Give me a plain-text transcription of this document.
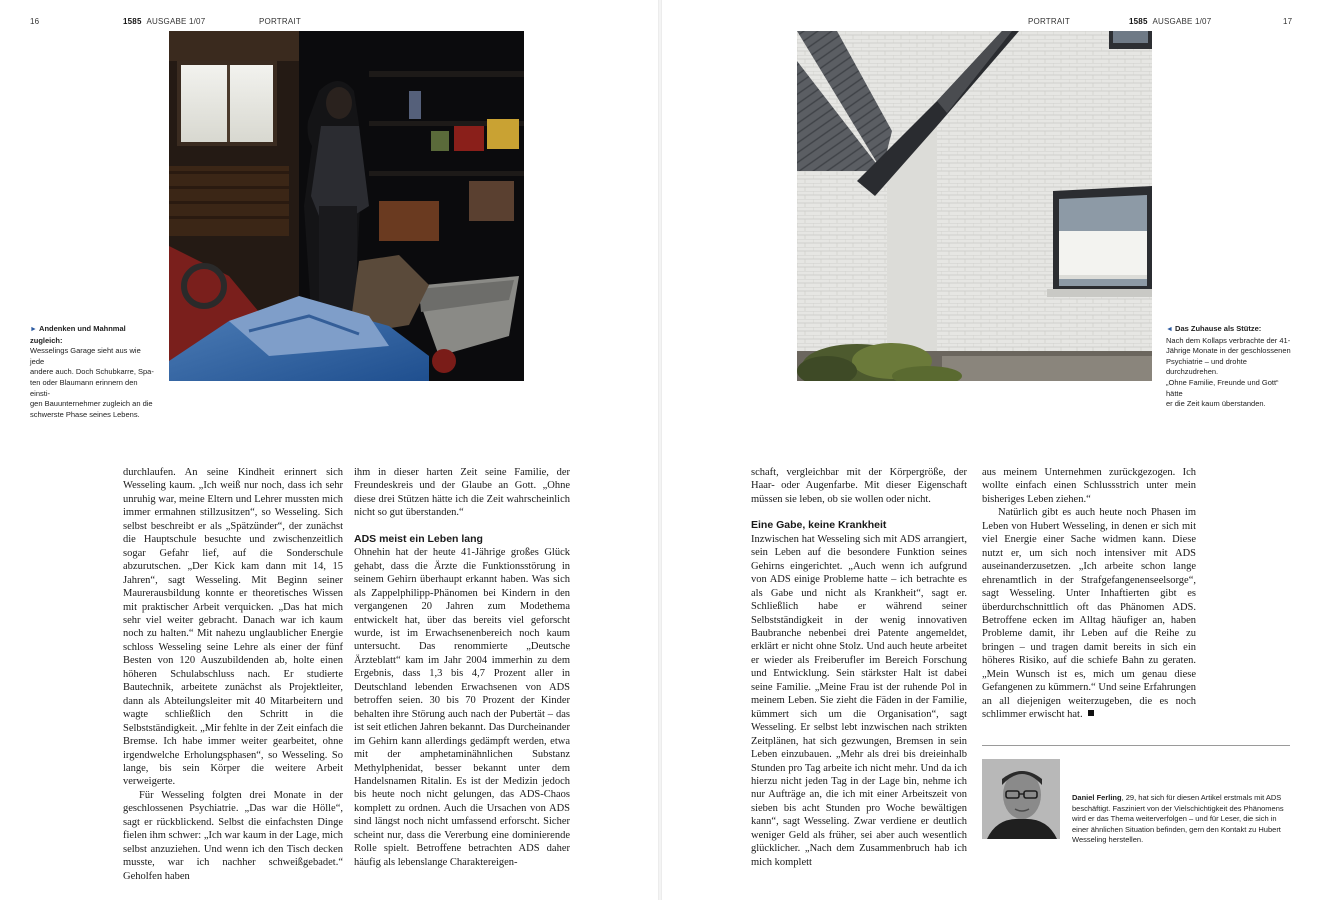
16	1585 AUSGABE 1/07	PORTRAIT	PORTRAIT	1585 AUSGABE 1/07	17
► Andenken und Mahnmal zugleich:
Wesselings Garage sieht aus wie jede
andere auch. Doch Schubkarre, Spa-
ten oder Blaumann erinnern den einsti-
gen Bauunternehmer zugleich an die
schwerste Phase seines Lebens.
◄ Das Zuhause als Stütze:
Nach dem Kollaps verbrachte der 41-
Jährige Monate in der geschlossenen
Psychiatrie – und drohte durchzudrehen.
„Ohne Familie, Freunde und Gott“ hätte
er die Zeit kaum überstanden.

durchlaufen. An seine Kindheit erinnert sich Wesseling kaum. „Ich weiß nur noch, dass ich sehr unruhig war, meine Eltern und Lehrer mussten mich immer ermahnen stillzusitzen“, so Wesseling. Sich selbst beschreibt er als „Spätzünder“, der zunächst die Hauptschule besuchte und zwischenzeitlich sogar Gefahr lief, auf die Sonderschule abzurutschen. „Der Kick kam dann mit 14, 15 Jahren“, sagt Wesseling. Mit Beginn seiner Maurerausbildung konnte er theoretisches Wissen mit praktischer Arbeit verquicken. „Das hat mich sehr viel weiter gebracht. Danach war ich kaum noch zu halten.“ Mit nahezu unglaublicher Energie schloss Wesseling seine Lehre als einer der fünf Besten von 120 Auszubildenden ab, holte einen höheren Schulabschluss nach. Er studierte Bautechnik, arbeitete zunächst als Projektleiter, dann als Abteilungsleiter mit 40 Mitarbeitern und wagte schließlich den Schritt in die Selbstständigkeit. „Mir fehlte in der Zeit einfach die Bremse. Ich habe immer weiter gearbeitet, ohne irgendwelche Erholungsphasen“, so Wesseling. So lange, bis sein Körper die weitere Arbeit verweigerte.

Für Wesseling folgten drei Monate in der geschlossenen Psychiatrie. „Das war die Hölle“, sagt er rückblickend. Selbst die einfachsten Dinge fielen ihm schwer: „Ich war kaum in der Lage, mich selbst anzuziehen. Und wenn ich den Tisch decken musste, war ich nachher schweißgebadet.“ Geholfen haben

ihm in dieser harten Zeit seine Familie, der Freundeskreis und der Glaube an Gott. „Ohne diese drei Stützen hätte ich die Zeit wahrscheinlich nicht so gut überstanden.“

ADS meist ein Leben lang

Ohnehin hat der heute 41-Jährige großes Glück gehabt, dass die Ärzte die Funktionsstörung in seinem Gehirn überhaupt erkannt haben. Was sich als Zappelphilipp-Phänomen bei Kindern in den vergangenen 20 Jahren zum Modethema entwickelt hat, über das bereits viel geforscht wurde, ist im Erwachsenenbereich noch kaum untersucht. Das renommierte „Deutsche Ärzteblatt“ kam im Jahr 2004 immerhin zu dem Ergebnis, dass 1,3 bis 4,7 Prozent aller in Deutschland lebenden Erwachsenen von ADS betroffen seien. 30 bis 70 Prozent der Kinder behalten ihre Störung auch nach der Pubertät – das ist seit etlichen Jahren bekannt. Das Durcheinander im Gehirn kann allerdings gedämpft werden, etwa mit der amphetaminähnlichen Substanz Methylphenidat, besser bekannt unter dem Handelsnamen Ritalin. Es ist der Medizin jedoch bis heute noch nicht gelungen, das ADS-Chaos komplett zu ordnen. Auch die Ursachen von ADS sind längst noch nicht umfassend erforscht. Sicher scheint nur, dass die Vererbung eine dominierende Rolle spielt. Betroffene betrachten ADS daher häufig als lebenslange Charaktereigen-

schaft, vergleichbar mit der Körpergröße, der Haar- oder Augenfarbe. Mit dieser Eigenschaft müssen sie leben, ob sie wollen oder nicht.

Eine Gabe, keine Krankheit

Inzwischen hat Wesseling sich mit ADS arrangiert, sein Leben auf die besondere Funktion seines Gehirns eingerichtet. „Auch wenn ich aufgrund von ADS einige Probleme hatte – ich betrachte es als Gabe und nicht als Krankheit“, sagt er. Schließlich habe er während seiner Selbstständigkeit in der wenig innovativen Baubranche nebenbei drei Patente angemeldet, erklärt er nicht ohne Stolz. Und auch heute arbeitet er wieder als Freiberufler im Bereich Forschung und Entwicklung. Sein stärkster Halt ist dabei seine Familie. „Meine Frau ist der ruhende Pol in meinem Leben. Sie zieht die Fäden in der Familie, kümmert sich um die Organisation“, sagt Wesseling. Er selbst lebt inzwischen nach strikten Zeitplänen, hat sich gezwungen, Bremsen in sein Leben einzubauen. „Mehr als drei bis dreieinhalb Stunden pro Tag arbeite ich nicht mehr. Und da ich hierzu nicht jeden Tag in der Lage bin, nehme ich nur Aufträge an, die ich mit einer Arbeitszeit von sieben bis acht Stunden pro Woche bewältigen kann“, sagt Wesseling. Zwar verdiene er deutlich weniger Geld als früher, sei aber auch wesentlich glücklicher. „Nach dem Zusammenbruch hab ich mich komplett

aus meinem Unternehmen zurückgezogen. Ich wollte einfach einen Schlussstrich unter mein bisheriges Leben ziehen.“

Natürlich gibt es auch heute noch Phasen im Leben von Hubert Wesseling, in denen er sich mit viel Energie einer Sache widmen kann. Diese nutzt er, um sich noch intensiver mit ADS auseinanderzusetzen. „Ich arbeite schon lange ehrenamtlich in der Strafgefangenenseelsorge“, sagt Wesseling. Unter Inhaftierten gibt es überdurchschnittlich oft das Phänomen ADS. Betroffene ecken im Alltag häufiger an, haben Probleme damit, ihr Leben auf die Reihe zu bringen – und tragen damit bereits in sich ein höheres Risiko, auf die schiefe Bahn zu geraten. „Mein Wunsch ist es, mich um genau diese Gefangenen zu kümmern.“ Und seine Erfahrungen an all diejenigen weiterzugeben, die es noch schlimmer erwischt hat.

Daniel Ferling, 29, hat sich für diesen Artikel erstmals mit ADS beschäftigt. Fasziniert von der Vielschichtigkeit des Phänomens wird er das Thema weiterverfolgen – und für Leser, die sich in einer ähnlichen Situation befinden, gern den Kontakt zu Hubert Wesseling herstellen.
